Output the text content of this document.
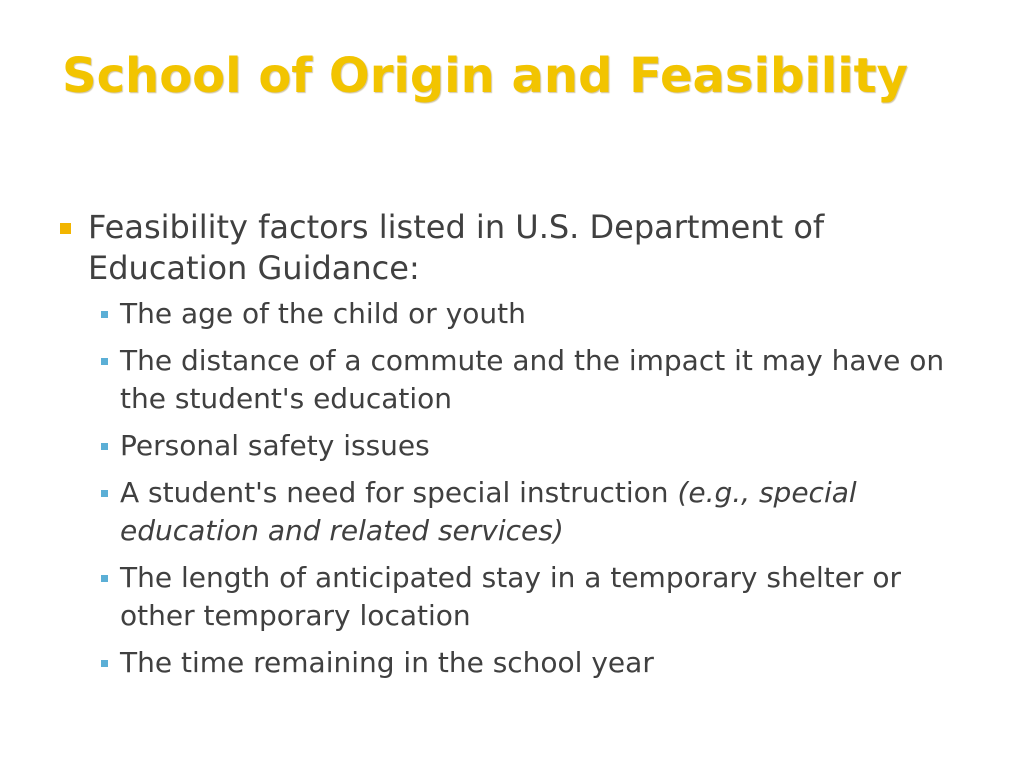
School of Origin and Feasibility
Feasibility factors listed in U.S. Department of Education Guidance:
The age of the child or youth
The distance of a commute and the impact it may have on the student's education
Personal safety issues
A student's need for special instruction (e.g., special education and related services)
The length of anticipated stay in a temporary shelter or other temporary location
The time remaining in the school year
